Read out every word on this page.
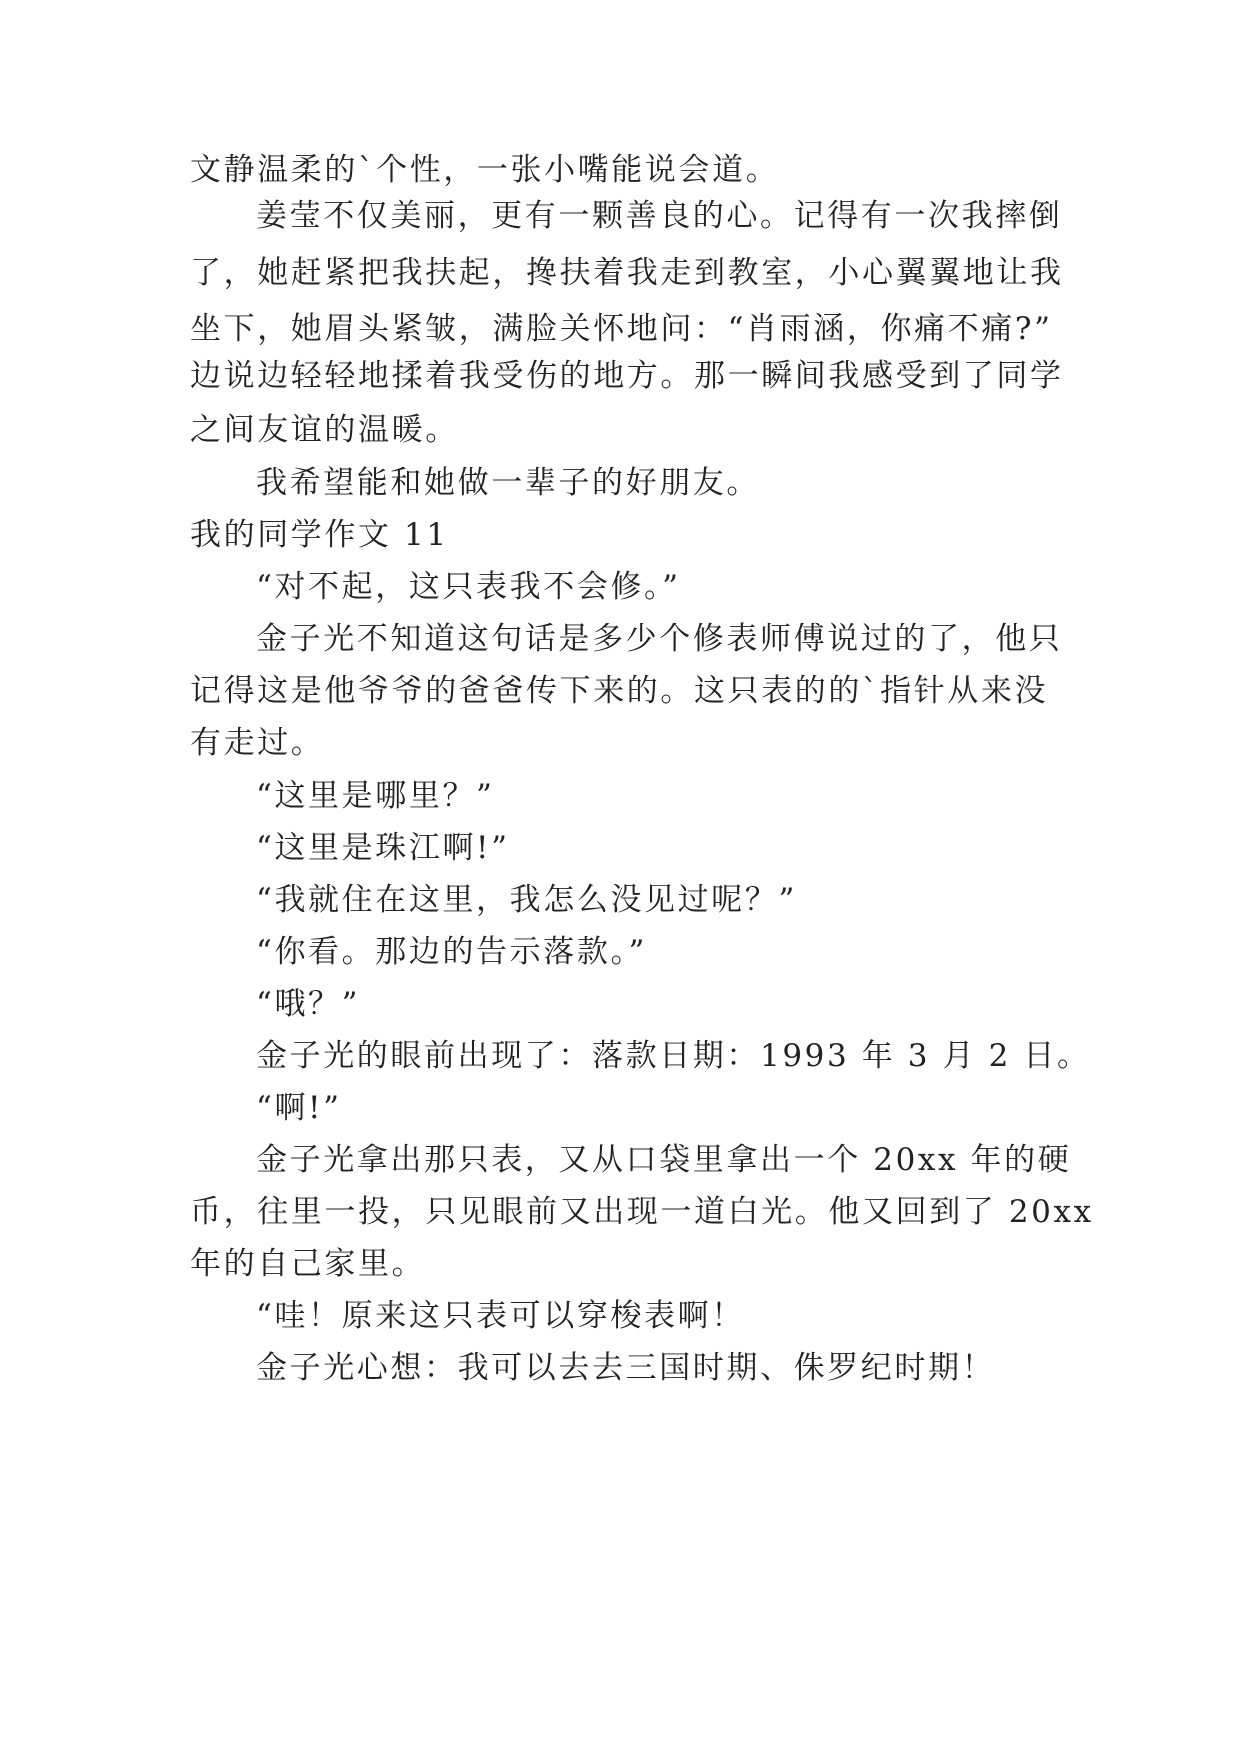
文静温柔的`个性，一张小嘴能说会道。
姜莹不仅美丽，更有一颗善良的心。记得有一次我摔倒
了，她赶紧把我扶起，搀扶着我走到教室，小心翼翼地让我
坐下，她眉头紧皱，满脸关怀地问：“肖雨涵，你痛不痛?”
边说边轻轻地揉着我受伤的地方。那一瞬间我感受到了同学
之间友谊的温暖。
我希望能和她做一辈子的好朋友。
我的同学作文 11
“对不起，这只表我不会修。”
金子光不知道这句话是多少个修表师傅说过的了，他只
记得这是他爷爷的爸爸传下来的。这只表的的`指针从来没
有走过。
“这里是哪里？”
“这里是珠江啊!”
“我就住在这里，我怎么没见过呢？”
“你看。那边的告示落款。”
“哦？”
金子光的眼前出现了：落款日期：1993 年 3 月 2 日。
“啊!”
金子光拿出那只表，又从口袋里拿出一个 20xx 年的硬
币，往里一投，只见眼前又出现一道白光。他又回到了 20xx
年的自己家里。
“哇！原来这只表可以穿梭表啊！
金子光心想：我可以去去三国时期、侏罗纪时期！
